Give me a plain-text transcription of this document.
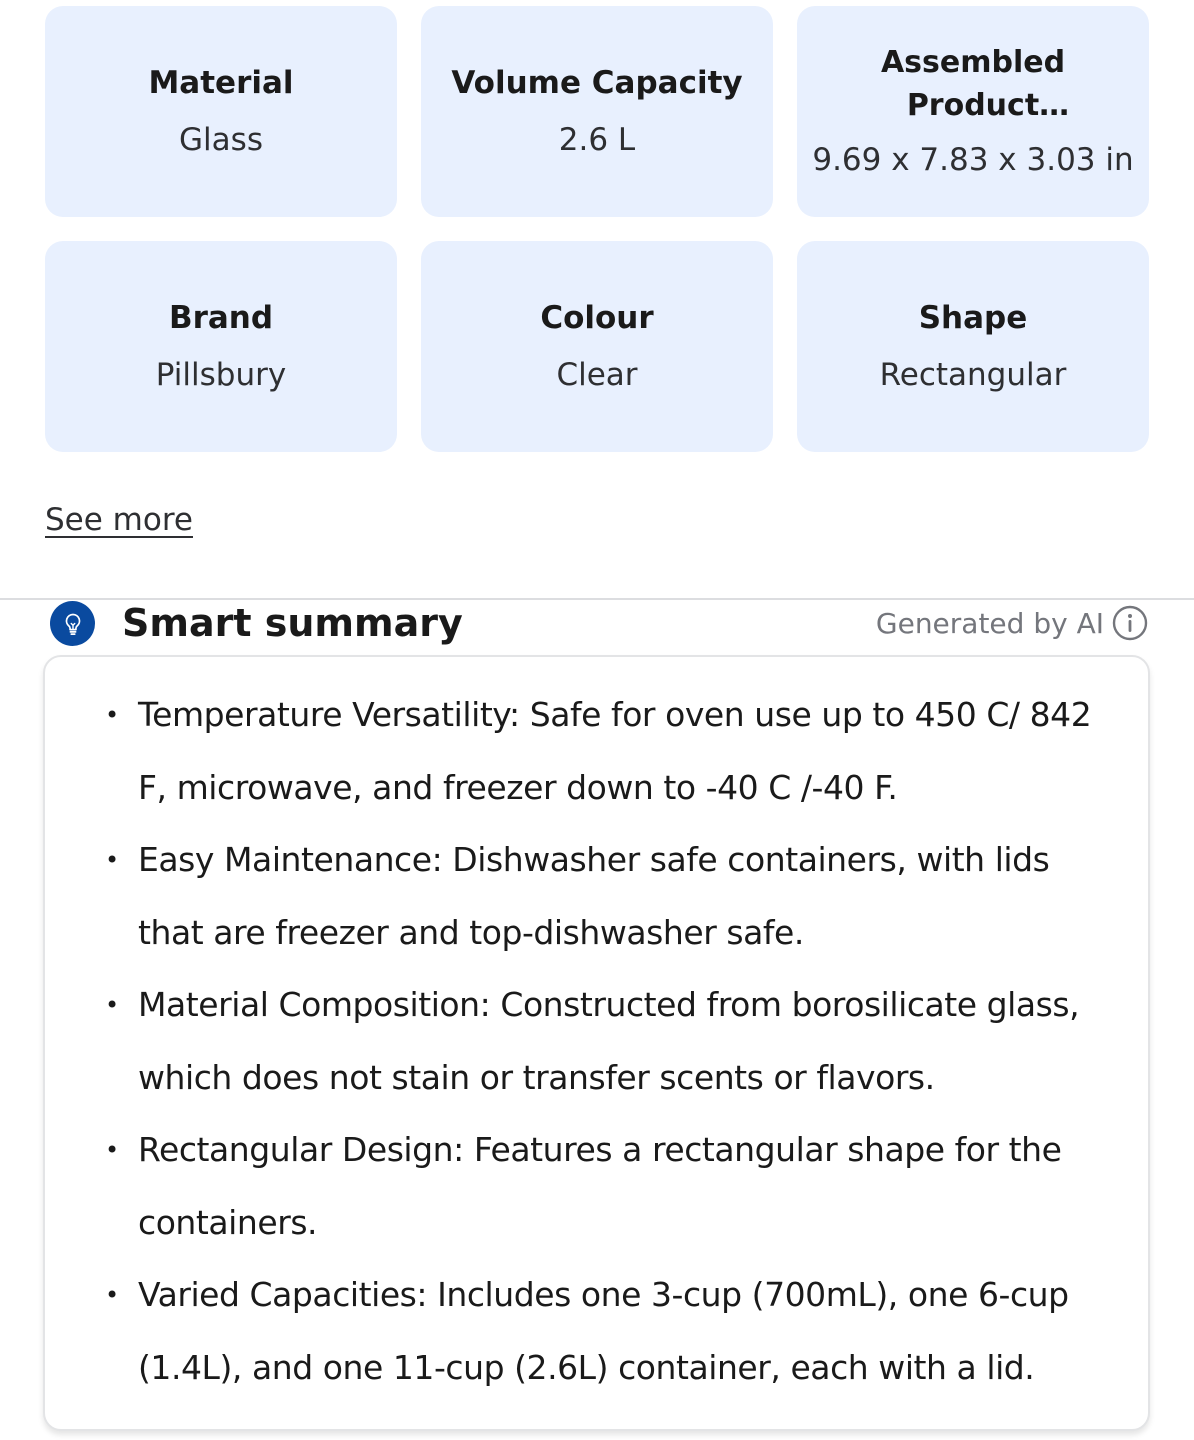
Material
Glass
Volume Capacity
2.6 L
Assembled Product
9.69 x 7.83 x 3.03 in
Brand
Pillsbury
Colour
Clear
Shape
Rectangular
See more
Smart summary	Generated by AI
• Temperature Versatility: Safe for oven use up to 450 C/ 842 F, microwave, and freezer down to -40 C /-40 F.
• Easy Maintenance: Dishwasher safe containers, with lids that are freezer and top-dishwasher safe.
• Material Composition: Constructed from borosilicate glass, which does not stain or transfer scents or flavors.
• Rectangular Design: Features a rectangular shape for the containers.
• Varied Capacities: Includes one 3-cup (700mL), one 6-cup (1.4L), and one 11-cup (2.6L) container, each with a lid.
